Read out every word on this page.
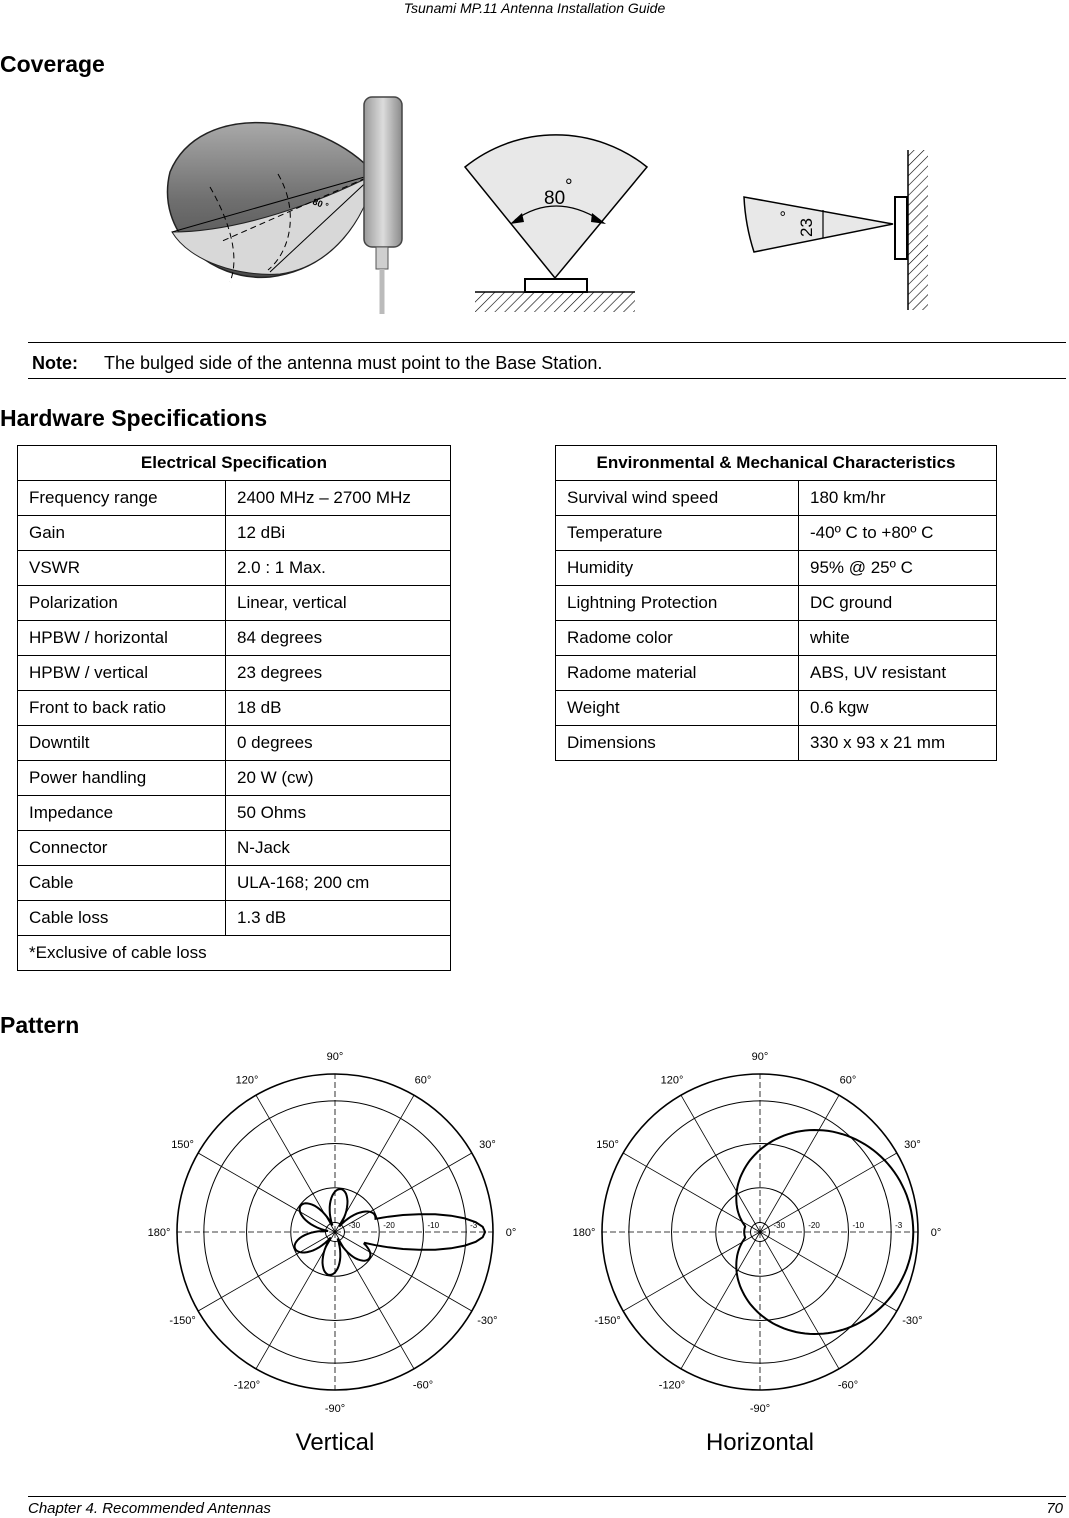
Tsunami MP.11 Antenna Installation Guide
Coverage
80 °	80
°
23
°
Note: The bulged side of the antenna must point to the Base Station.
Hardware Specifications
Electrical Specification	
Frequency range	2400 MHz – 2700 MHz
Gain	12 dBi
VSWR	2.0 : 1 Max.
Polarization	Linear, vertical
HPBW / horizontal	84 degrees
HPBW / vertical	23 degrees
Front to back ratio	18 dB
Downtilt	0 degrees
Power handling	20 W (cw)
Impedance	50 Ohms
Connector	N-Jack
Cable	ULA-168; 200 cm
Cable loss	1.3 dB
*Exclusive of cable loss	
Environmental & Mechanical Characteristics	
Survival wind speed	180 km/hr
Temperature	-40º C to +80º C
Humidity	95% @ 25º C
Lightning Protection	DC ground
Radome color	white
Radome material	ABS, UV resistant
Weight	0.6 kgw
Dimensions	330 x 93 x 21 mm
Pattern
0°
30°
60°
90°
120°
150°
180°
-150°
-120°
-90°
-60°
-30°
-30	-20	-10	-3
Vertical
0°
30°
60°
90°
120°
150°
180°
-150°
-120°
-90°
-60°
-30°
-30	-20	-10	-3
Horizontal
Chapter 4. Recommended Antennas	70
